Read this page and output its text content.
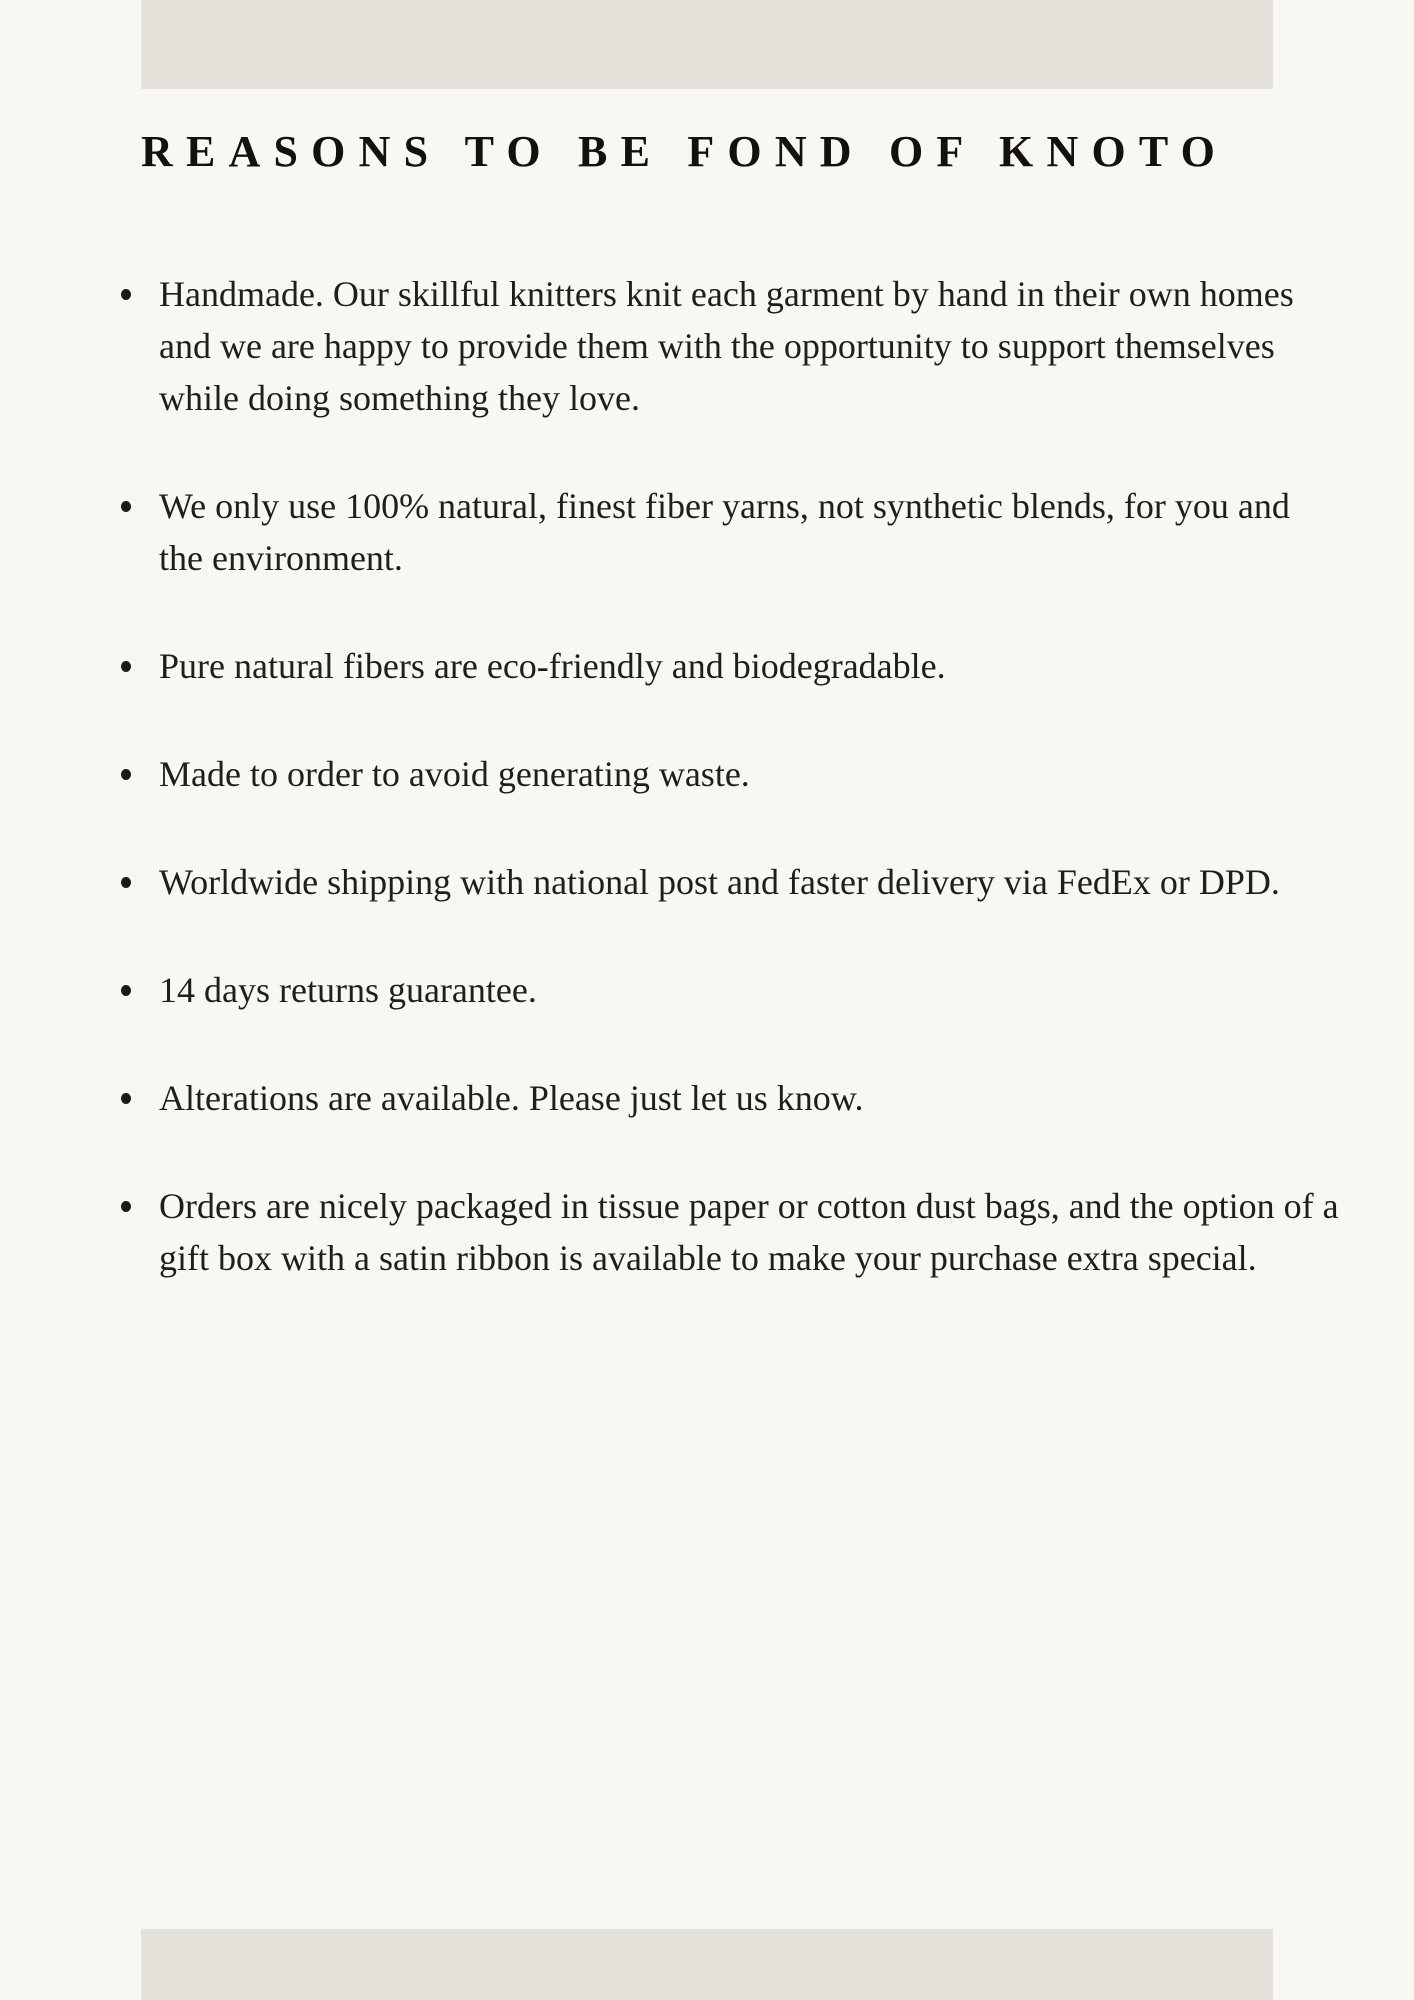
REASONS TO BE FOND OF KNOTO
Handmade. Our skillful knitters knit each garment by hand in their own homes and we are happy to provide them with the opportunity to support themselves while doing something they love.
We only use 100% natural, finest fiber yarns, not synthetic blends, for you and the environment.
Pure natural fibers are eco-friendly and biodegradable.
Made to order to avoid generating waste.
Worldwide shipping with national post and faster delivery via FedEx or DPD.
14 days returns guarantee.
Alterations are available. Please just let us know.
Orders are nicely packaged in tissue paper or cotton dust bags, and the option of a gift box with a satin ribbon is available to make your purchase extra special.
